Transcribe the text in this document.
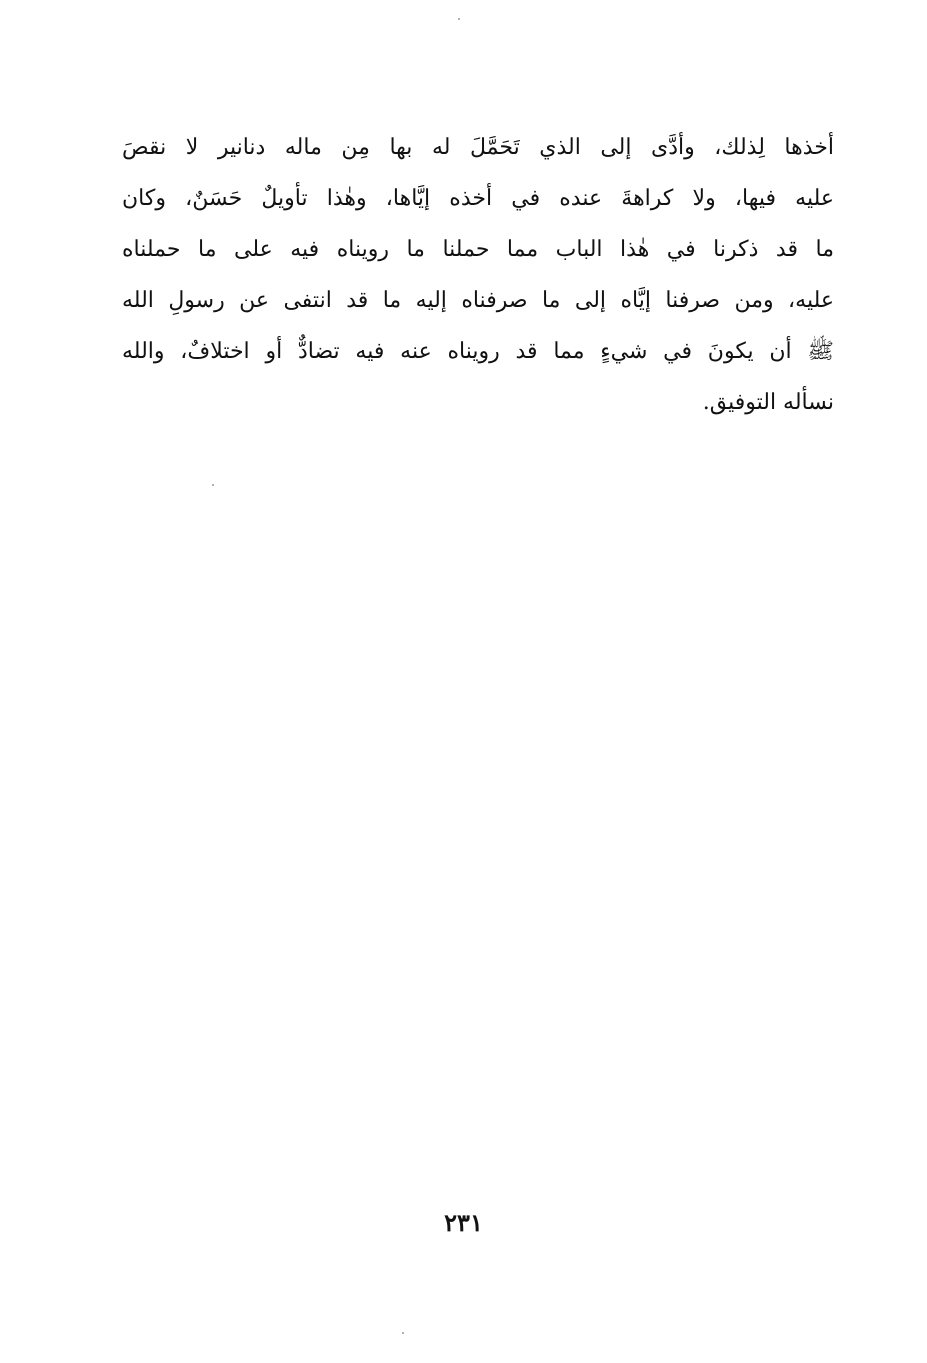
أخذها لِذلك، وأدَّى إلى الذي تَحَمَّلَ له بها مِن ماله دنانير لا نقصَ
عليه فيها، ولا كراهةَ عنده في أخذه إيَّاها، وهٰذا تأويلٌ حَسَنٌ، وكان
ما قد ذكرنا في هٰذا الباب مما حملنا ما رويناه فيه على ما حملناه
عليه، ومن صرفنا إيَّاه إلى ما صرفناه إليه ما قد انتفى عن رسولِ الله
ﷺ أن يكونَ في شيءٍ مما قد رويناه عنه فيه تضادٌّ أو اختلافٌ، والله
نسأله التوفيق.
٢٣١
